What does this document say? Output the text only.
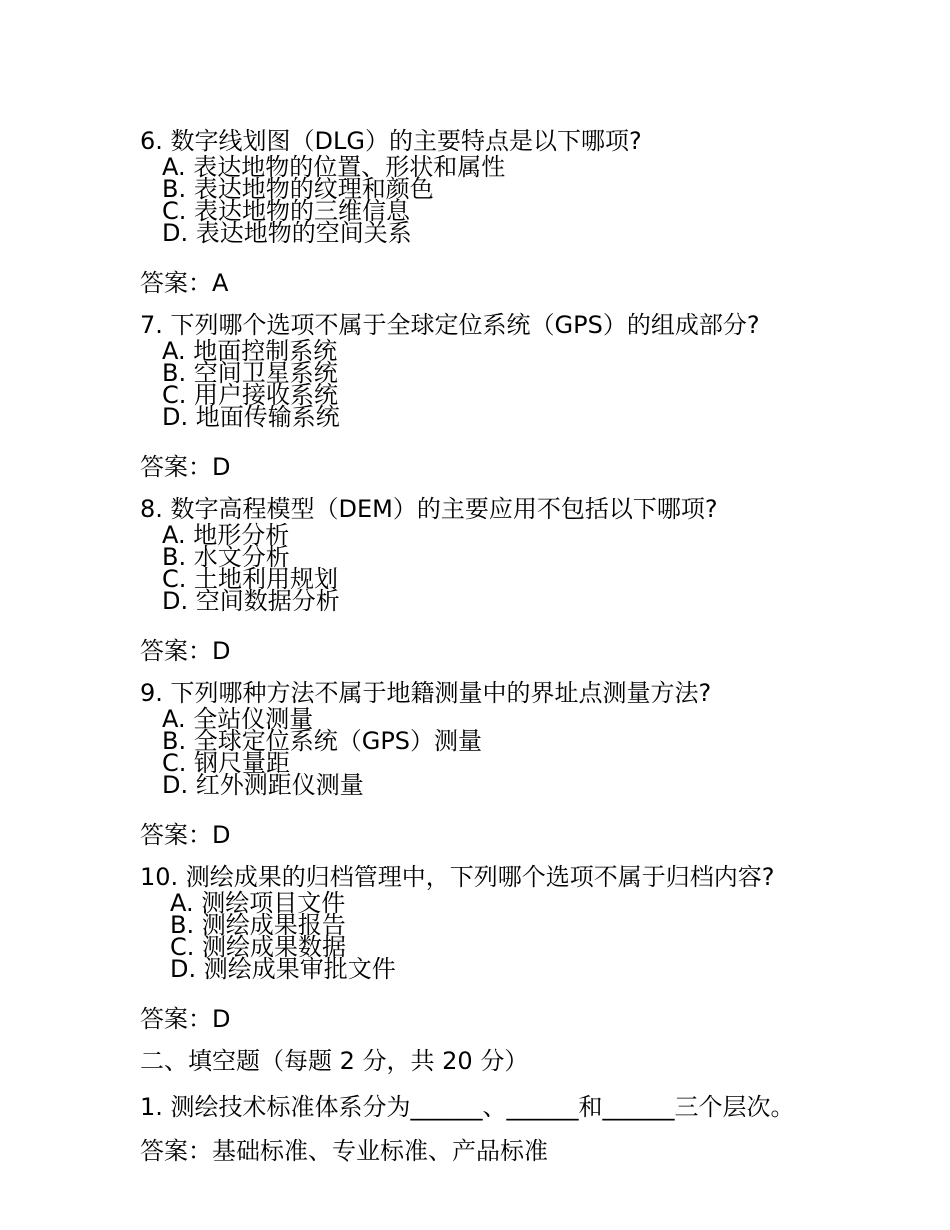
6. 数字线划图（DLG）的主要特点是以下哪项?
A. 表达地物的位置、形状和属性
B. 表达地物的纹理和颜色
C. 表达地物的三维信息
D. 表达地物的空间关系
答案：A
7. 下列哪个选项不属于全球定位系统（GPS）的组成部分?
A. 地面控制系统
B. 空间卫星系统
C. 用户接收系统
D. 地面传输系统
答案：D
8. 数字高程模型（DEM）的主要应用不包括以下哪项?
A. 地形分析
B. 水文分析
C. 土地利用规划
D. 空间数据分析
答案：D
9. 下列哪种方法不属于地籍测量中的界址点测量方法?
A. 全站仪测量
B. 全球定位系统（GPS）测量
C. 钢尺量距
D. 红外测距仪测量
答案：D
10. 测绘成果的归档管理中，下列哪个选项不属于归档内容?
A. 测绘项目文件
B. 测绘成果报告
C. 测绘成果数据
D. 测绘成果审批文件
答案：D
二、填空题（每题 2 分，共 20 分）
1. 测绘技术标准体系分为______、______和______三个层次。
答案：基础标准、专业标准、产品标准
